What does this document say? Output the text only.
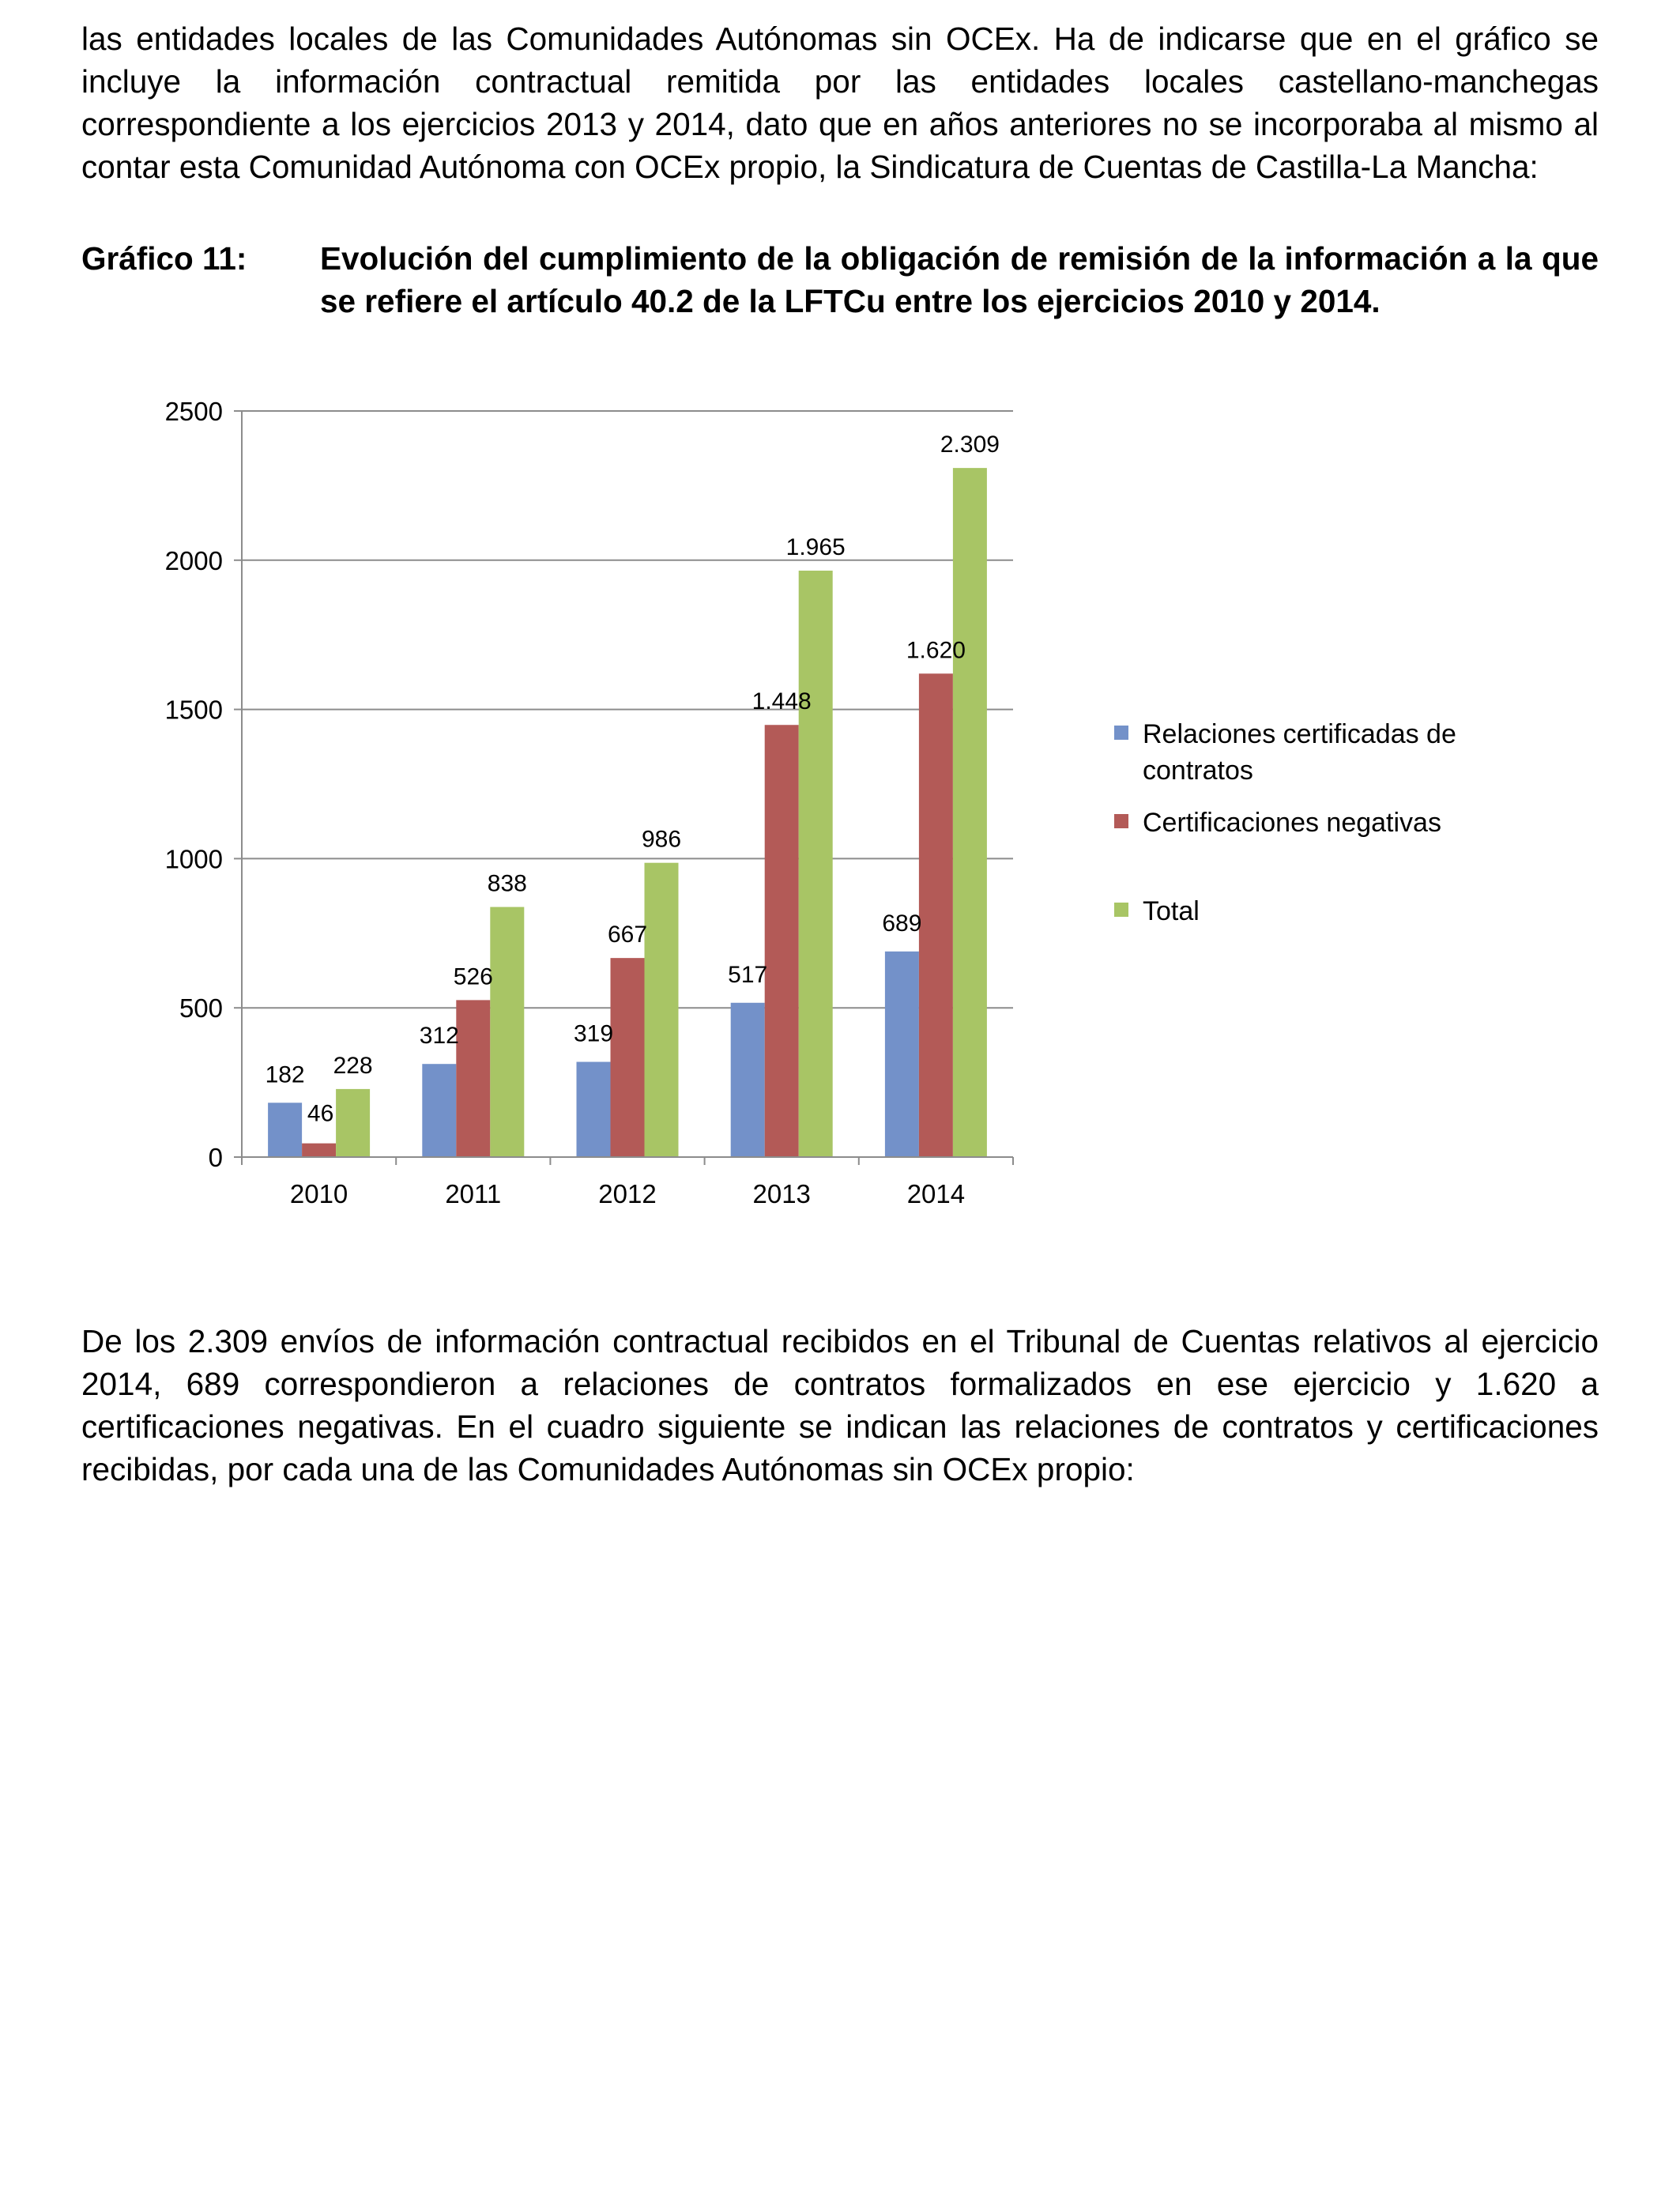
las entidades locales de las Comunidades Autónomas sin OCEx. Ha de indicarse que en el gráfico se incluye la información contractual remitida por las entidades locales castellano-manchegas correspondiente a los ejercicios 2013 y 2014, dato que en años anteriores no se incorporaba al mismo al contar esta Comunidad Autónoma con OCEx propio, la Sindicatura de Cuentas de Castilla-La Mancha:

Gráfico 11:	Evolución del cumplimiento de la obligación de remisión de la información a la que se refiere el artículo 40.2 de la LFTCu entre los ejercicios 2010 y 2014.
0
500
1000
1500
2000
2500
2010	2011	2012	2013	2014
182
46
228
312
526
838
319
667
986
517
1.448
1.965
689
1.620
2.309
Relaciones certificadas de
contratos
Certificaciones negativas
Total

De los 2.309 envíos de información contractual recibidos en el Tribunal de Cuentas relativos al ejercicio 2014, 689 correspondieron a relaciones de contratos formalizados en ese ejercicio y 1.620 a certificaciones negativas. En el cuadro siguiente se indican las relaciones de contratos y certificaciones recibidas, por cada una de las Comunidades Autónomas sin OCEx propio:
